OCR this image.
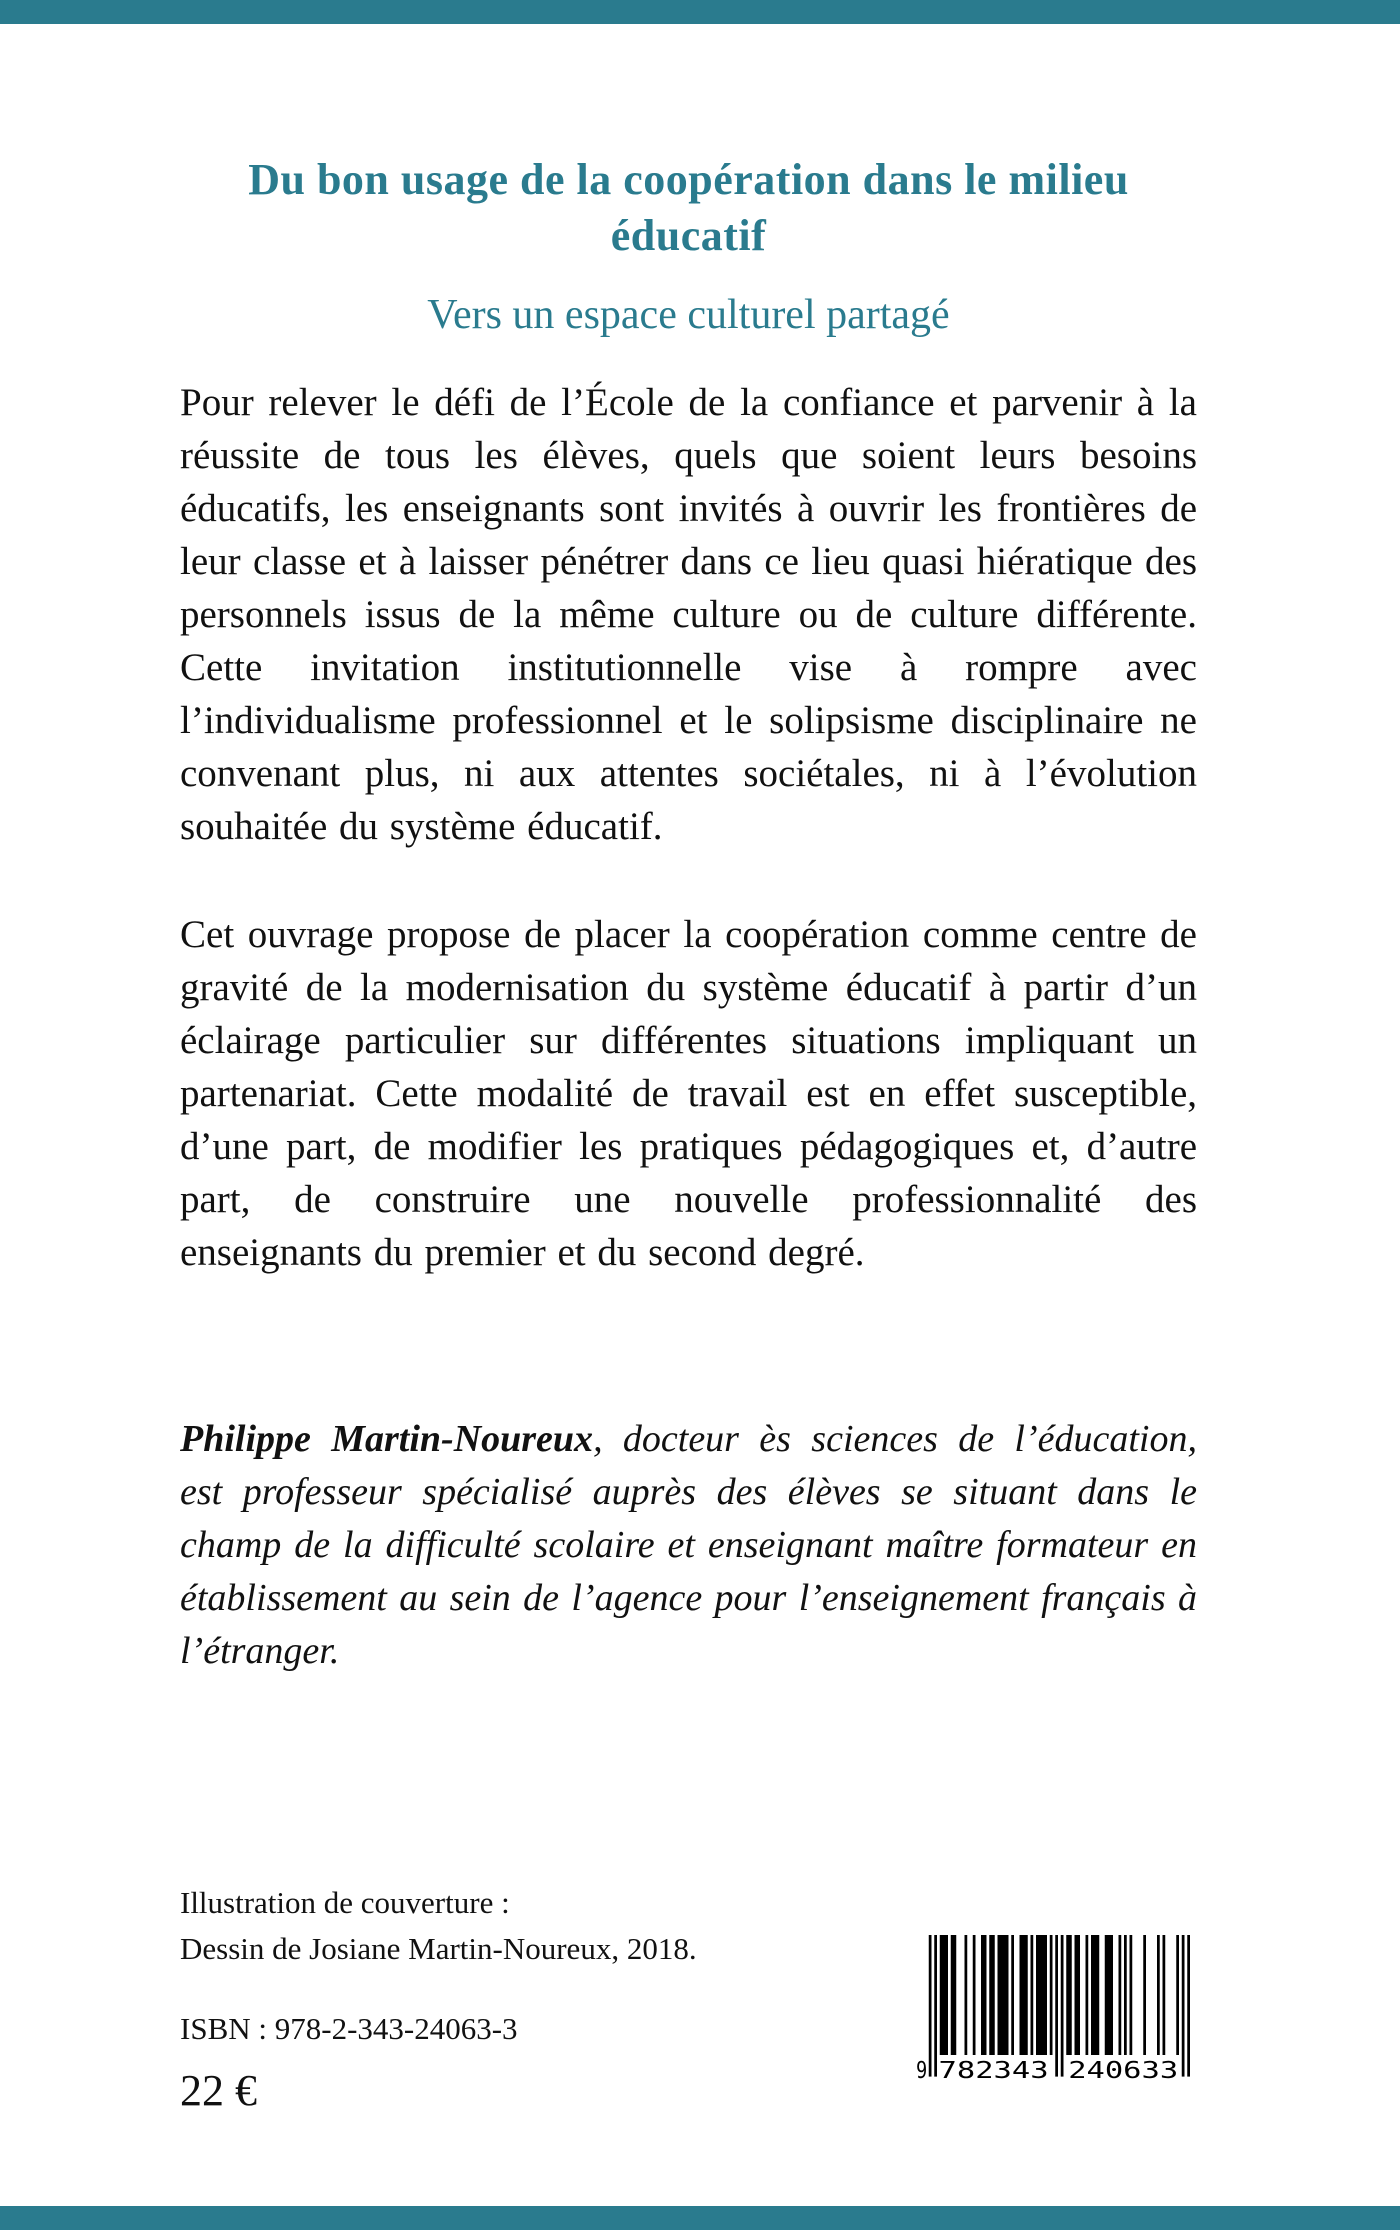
Du bon usage de la coopération dans le milieu éducatif
Vers un espace culturel partagé

Pour relever le défi de l’École de la confiance et parvenir à la réussite de tous les élèves, quels que soient leurs besoins éducatifs, les enseignants sont invités à ouvrir les frontières de leur classe et à laisser pénétrer dans ce lieu quasi hiératique des personnels issus de la même culture ou de culture différente. Cette invitation institutionnelle vise à rompre avec l’individualisme professionnel et le solipsisme disciplinaire ne convenant plus, ni aux attentes sociétales, ni à l’évolution souhaitée du système éducatif.

Cet ouvrage propose de placer la coopération comme centre de gravité de la modernisation du système éducatif à partir d’un éclairage particulier sur différentes situations impliquant un partenariat. Cette modalité de travail est en effet susceptible, d’une part, de modifier les pratiques pédagogiques et, d’autre part, de construire une nouvelle professionnalité des enseignants du premier et du second degré.

Philippe Martin-Noureux, docteur ès sciences de l’éducation, est professeur spécialisé auprès des élèves se situant dans le champ de la difficulté scolaire et enseignant maître formateur en établissement au sein de l’agence pour l’enseignement français à l’étranger.

Illustration de couverture :
Dessin de Josiane Martin-Noureux, 2018.
ISBN : 978-2-343-24063-3
22 €	9 782343 240633
